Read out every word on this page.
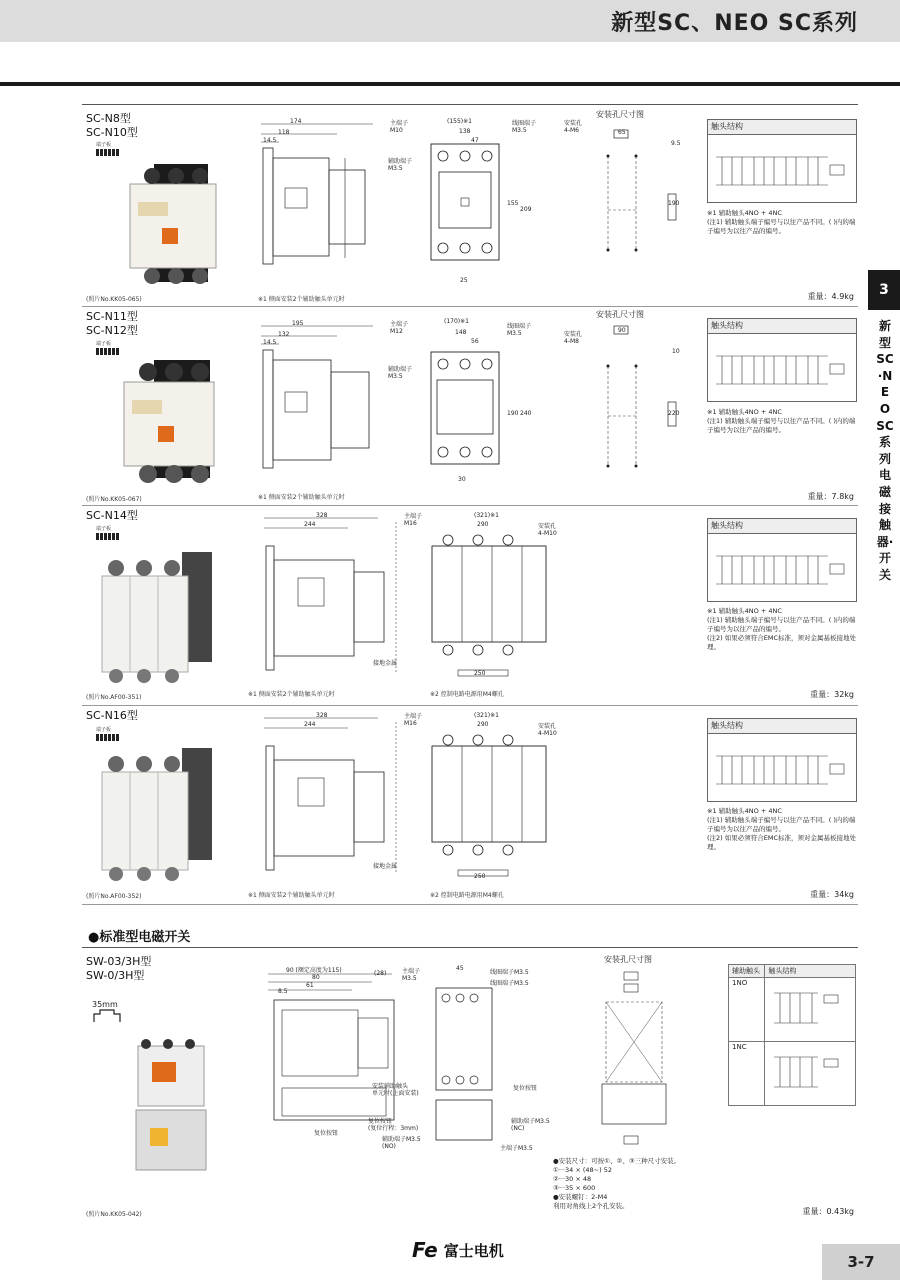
新型SC、NEO SC系列
3
新型SC·NEO SC系列电磁接触器·开关
SC-N8型
SC-N10型
端子板
(照片No.KK05-065)	※1 侧面安装2个辅助触头单元时	重量：4.9kg
174
118
14.5
主端子
M10
(155)※1
138
47
线圈端子
M3.5
辅助端子
M3.5
155
209
25
安装孔尺寸图
安装孔
4-M6	65
190
9.5
触头结构
※1 辅助触头4NO + 4NC
(注1) 辅助触头端子编号与以往产品不同。( )内的端子编号为以往产品的编号。
SC-N11型
SC-N12型
端子板
(照片No.KK05-067)	※1 侧面安装2个辅助触头单元时	重量：7.8kg
195
132
14.5
主端子
M12
(170)※1
148
56
线圈端子
M3.5
辅助端子
M3.5
190 240
30
安装孔尺寸图
安装孔
4-M8
90
220
10
触头结构
※1 辅助触头4NO + 4NC
(注1) 辅助触头端子编号与以往产品不同。( )内的端子编号为以往产品的编号。
SC-N14型
端子板
(照片No.AF00-351)	※1 侧面安装2个辅助触头单元时	※2 控制电路电源用M4螺孔	重量：32kg
328
244
接地金属
主端子
M16
(321)※1
290	安装孔
4-M10
250
触头结构
※1 辅助触头4NO + 4NC
(注1) 辅助触头端子编号与以往产品不同。( )内的端子编号为以往产品的编号。
(注2) 如果必须符合EMC标准，须对金属基板接地处理。
SC-N16型
端子板
(照片No.AF00-352)	※1 侧面安装2个辅助触头单元时	※2 控制电路电源用M4螺孔	重量：34kg
328
244
接地金属
主端子
M16
(321)※1
290	安装孔
4-M10
250
触头结构
※1 辅助触头4NO + 4NC
(注1) 辅助触头端子编号与以往产品不同。( )内的端子编号为以往产品的编号。
(注2) 如果必须符合EMC标准，须对金属基板接地处理。
●标准型电磁开关
SW-03/3H型
SW-0/3H型
35mm
(照片No.KK05-042)	重量：0.43kg
90 (额定高度为115)
80
61
(28)
8.5
安装辅助触头
单元时(上面安装)
复位按钮
复位按钮
(复位行程：3mm)
主端子
M3.5
45
线圈端子M3.5
线圈端子M3.5
复位按钮
辅助端子M3.5
(NC)
辅助端子M3.5
(NO)	主端子M3.5
安装孔尺寸图
辅助触头	触头结构
1NO	
1NC	
●安装尺寸：可按①、②、③三种尺寸安装。
①···34 × (48~) 52
②···30 × 48
③···35 × 600
●安装螺钉：2-M4
利用对角线上2个孔安装。
Fe 富士电机
3-7
